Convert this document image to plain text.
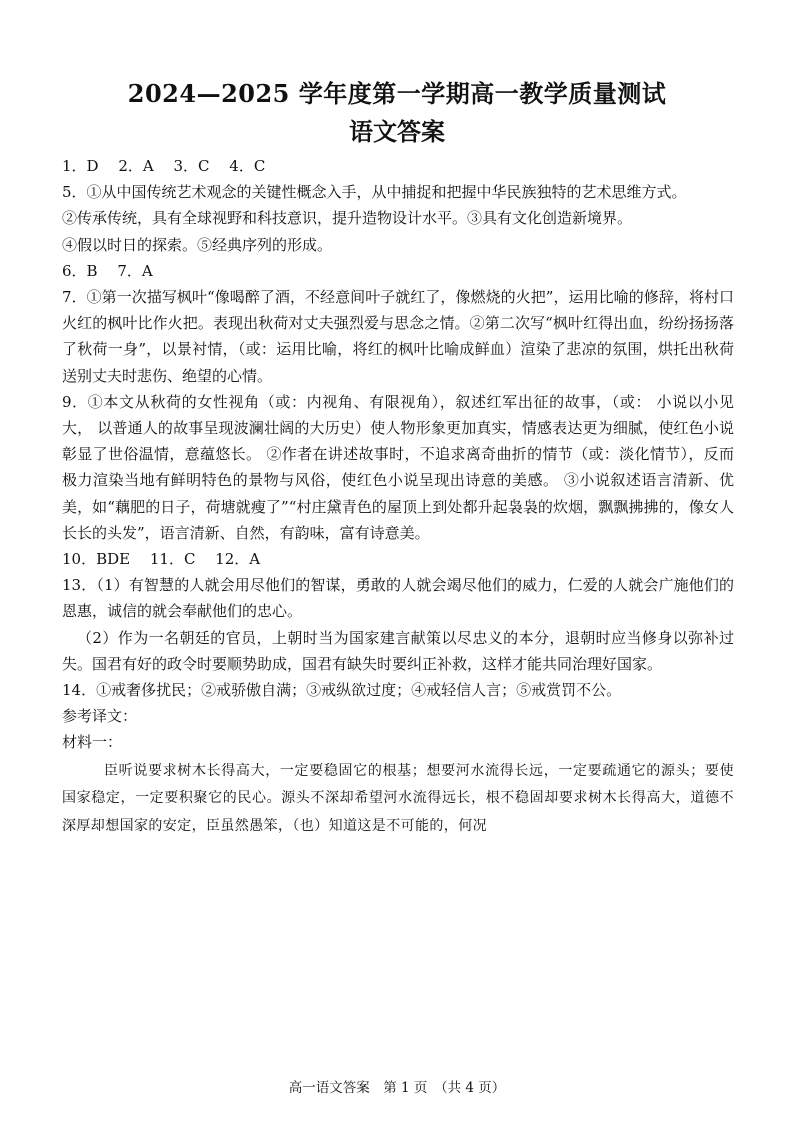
2024—2025 学年度第一学期高一教学质量测试
语文答案

1．D　 2．A　 3．C　 4．C

5．①从中国传统艺术观念的关键性概念入手，从中捕捉和把握中华民族独特的艺术思维方式。

②传承传统，具有全球视野和科技意识，提升造物设计水平。③具有文化创造新境界。

④假以时日的探索。⑤经典序列的形成。

6．B　 7．A

7．①第一次描写枫叶“像喝醉了酒，不经意间叶子就红了，像燃烧的火把”，运用比喻的修辞，将村口火红的枫叶比作火把。表现出秋荷对丈夫强烈爱与思念之情。②第二次写“枫叶红得出血，纷纷扬扬落了秋荷一身”，以景衬情，（或：运用比喻，将红的枫叶比喻成鲜血）渲染了悲凉的氛围，烘托出秋荷送别丈夫时悲伤、绝望的心情。

9．①本文从秋荷的女性视角（或：内视角、有限视角），叙述红军出征的故事，（或： 小说以小见大， 以普通人的故事呈现波澜壮阔的大历史）使人物形象更加真实，情感表达更为细腻，使红色小说彰显了世俗温情，意蕴悠长。 ②作者在讲述故事时，不追求离奇曲折的情节（或：淡化情节），反而极力渲染当地有鲜明特色的景物与风俗，使红色小说呈现出诗意的美感。 ③小说叙述语言清新、优美，如“藕肥的日子，荷塘就瘦了”“村庄黛青色的屋顶上到处都升起袅袅的炊烟，飘飘拂拂的，像女人长长的头发”，语言清新、自然，有韵味，富有诗意美。

10．BDE　 11．C　 12．A

13．（1）有智慧的人就会用尽他们的智谋，勇敢的人就会竭尽他们的威力，仁爱的人就会广施他们的恩惠，诚信的就会奉献他们的忠心。

（2）作为一名朝廷的官员，上朝时当为国家建言献策以尽忠义的本分，退朝时应当修身以弥补过失。国君有好的政令时要顺势助成，国君有缺失时要纠正补救，这样才能共同治理好国家。

14．①戒奢侈扰民；②戒骄傲自满；③戒纵欲过度；④戒轻信人言；⑤戒赏罚不公。

参考译文：

材料一：

臣听说要求树木长得高大，一定要稳固它的根基；想要河水流得长远，一定要疏通它的源头；要使国家稳定，一定要积聚它的民心。源头不深却希望河水流得远长，根不稳固却要求树木长得高大，道德不深厚却想国家的安定，臣虽然愚笨，（也）知道这是不可能的，何况

高一语文答案　第 1 页　（共 4 页）
